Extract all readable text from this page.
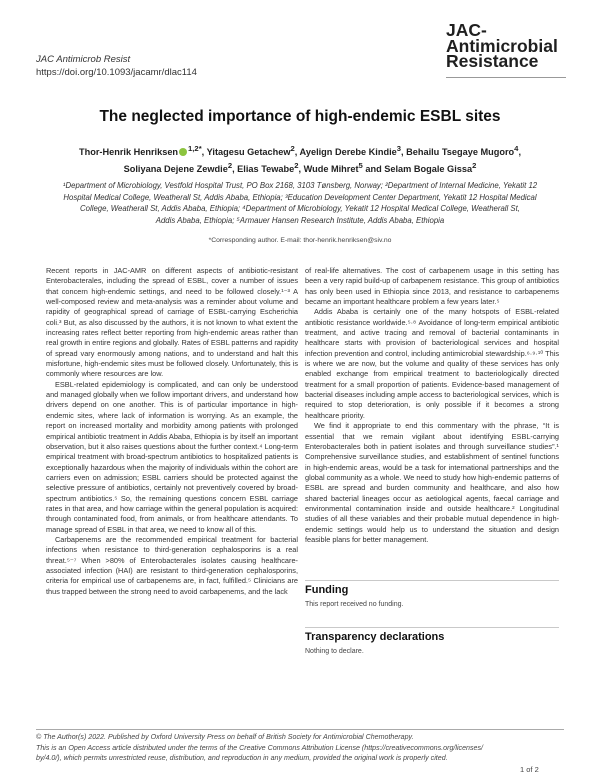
JAC Antimicrob Resist
https://doi.org/10.1093/jacamr/dlac114
JAC-
Antimicrobial
Resistance
The neglected importance of high-endemic ESBL sites
Thor-Henrik Henriksen $^{1,2*}$, Yitagesu Getachew$^2$, Ayelign Derebe Kindie$^3$, Behailu Tsegaye Mugoro$^4$,
Soliyana Dejene Zewdie$^2$, Elias Tewabe$^2$, Wude Mihret$^5$ and Selam Bogale Gissa$^2$
¹Department of Microbiology, Vestfold Hospital Trust, PO Box 2168, 3103 Tønsberg, Norway; ²Department of Internal Medicine, Yekatit 12
Hospital Medical College, Weatherall St, Addis Ababa, Ethiopia; ³Education Development Center Department, Yekatit 12 Hospital Medical
College, Weatherall St, Addis Ababa, Ethiopia; ⁴Department of Microbiology, Yekatit 12 Hospital Medical College, Weatherall St,
Addis Ababa, Ethiopia; ⁵Armauer Hansen Research Institute, Addis Ababa, Ethiopia
*Corresponding author. E-mail: thor-henrik.henriksen@siv.no

Recent reports in JAC-AMR on different aspects of antibiotic-resistant Enterobacterales, including the spread of ESBL, cover a number of issues that concern high-endemic settings, and need to be followed closely.¹⁻³ A well-composed review and meta-analysis was a reminder about volume and rapidity of geographical spread of carriage of ESBL-carrying Escherichia coli.³ But, as also discussed by the authors, it is not known to what extent the increasing rates reflect better reporting from high-endemic areas rather than real growth in entire regions and globally. Rates of ESBL patterns and rapidity of spread vary enormously among nations, and to understand and halt this misfortune, high-endemic sites must be followed closely. Unfortunately, this is commonly where resources are low.

ESBL-related epidemiology is complicated, and can only be understood and managed globally when we follow important drivers, and understand how drivers depend on one another. This is of particular importance in high-endemic sites, where lack of information is worrying. As an example, the report on increased mortality and morbidity among patients with prolonged empirical antibiotic treatment in Addis Ababa, Ethiopia is by itself an important observation, but it also raises questions about the further context.⁴ Long-term empirical treatment with broad-spectrum antibiotics to hospitalized patients is exceptionally hazardous when the majority of individuals within the cohort are carriers even on admission; ESBL carriers should be protected against the selective pressure of antibiotics, certainly not preventively covered by broad-spectrum antibiotics.⁵ So, the remaining questions concern ESBL carriage rates in that area, and how carriage within the general population is acquired: through contaminated food, from animals, or from healthcare attendants. To manage spread of ESBL in that area, we need to know all of this.

Carbapenems are the recommended empirical treatment for bacterial infections when resistance to third-generation cephalosporins is a real threat.⁵⁻⁷ When >80% of Enterobacterales isolates causing healthcare-associated infection (HAI) are resistant to third-generation cephalosporins, criteria for empirical use of carbapenems are, in fact, fulfilled.⁵ Clinicians are thus trapped between the strong need to avoid carbapenems, and the lack

of real-life alternatives. The cost of carbapenem usage in this setting has been a very rapid build-up of carbapenem resistance. This group of antibiotics has only been used in Ethiopia since 2013, and resistance to carbapenems became an important healthcare problem a few years later.⁵

Addis Ababa is certainly one of the many hotspots of ESBL-related antibiotic resistance worldwide.⁵·⁸ Avoidance of long-term empirical antibiotic treatment, and active tracing and removal of bacterial contaminants in healthcare starts with provision of bacteriological services and hospital infection prevention and control, including antimicrobial stewardship.⁶·⁹·¹⁰ This is where we are now, but the volume and quality of these services has only enabled exchange from empirical treatment to bacteriologically directed treatment for a small proportion of patients. Evidence-based management of bacterial diseases including ample access to bacteriological services, which is required to stop deterioration, is only possible if it becomes a strong healthcare priority.

We find it appropriate to end this commentary with the phrase, “It is essential that we remain vigilant about identifying ESBL-carrying Enterobacterales both in patient isolates and through surveillance studies”.¹ Comprehensive surveillance studies, and establishment of sentinel functions in high-endemic areas, would be a task for international partnerships and the global community as a whole. We need to study how high-endemic patterns of ESBL are spread and burden community and healthcare, and also how shared bacterial lineages occur as aetiological agents, faecal carriage and environmental contamination inside and outside healthcare.² Longitudinal studies of all these variables and their probable mutual dependence in high-endemic settings would help us to understand the situation and design feasible plans for better management.

Funding
This report received no funding.
Transparency declarations
Nothing to declare.
© The Author(s) 2022. Published by Oxford University Press on behalf of British Society for Antimicrobial Chemotherapy.
This is an Open Access article distributed under the terms of the Creative Commons Attribution License (https://creativecommons.org/licenses/
by/4.0/), which permits unrestricted reuse, distribution, and reproduction in any medium, provided the original work is properly cited.
1 of 2
